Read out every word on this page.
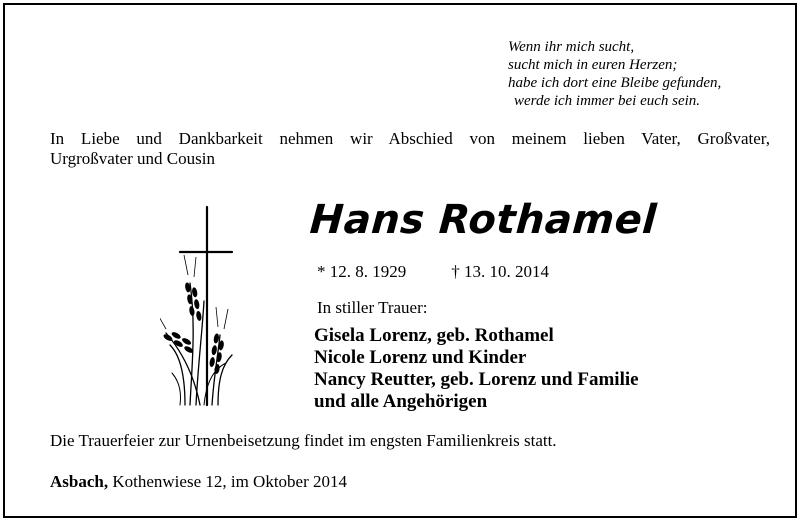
Wenn ihr mich sucht,
sucht mich in euren Herzen;
habe ich dort eine Bleibe gefunden,
werde ich immer bei euch sein.
In Liebe und Dankbarkeit nehmen wir Abschied von meinem lieben Vater, Großvater,
Urgroßvater und Cousin
Hans Rothamel
* 12. 8. 1929	† 13. 10. 2014
In stiller Trauer:
Gisela Lorenz, geb. Rothamel
Nicole Lorenz und Kinder
Nancy Reutter, geb. Lorenz und Familie
und alle Angehörigen
Die Trauerfeier zur Urnenbeisetzung findet im engsten Familienkreis statt.
Asbach, Kothenwiese 12, im Oktober 2014
